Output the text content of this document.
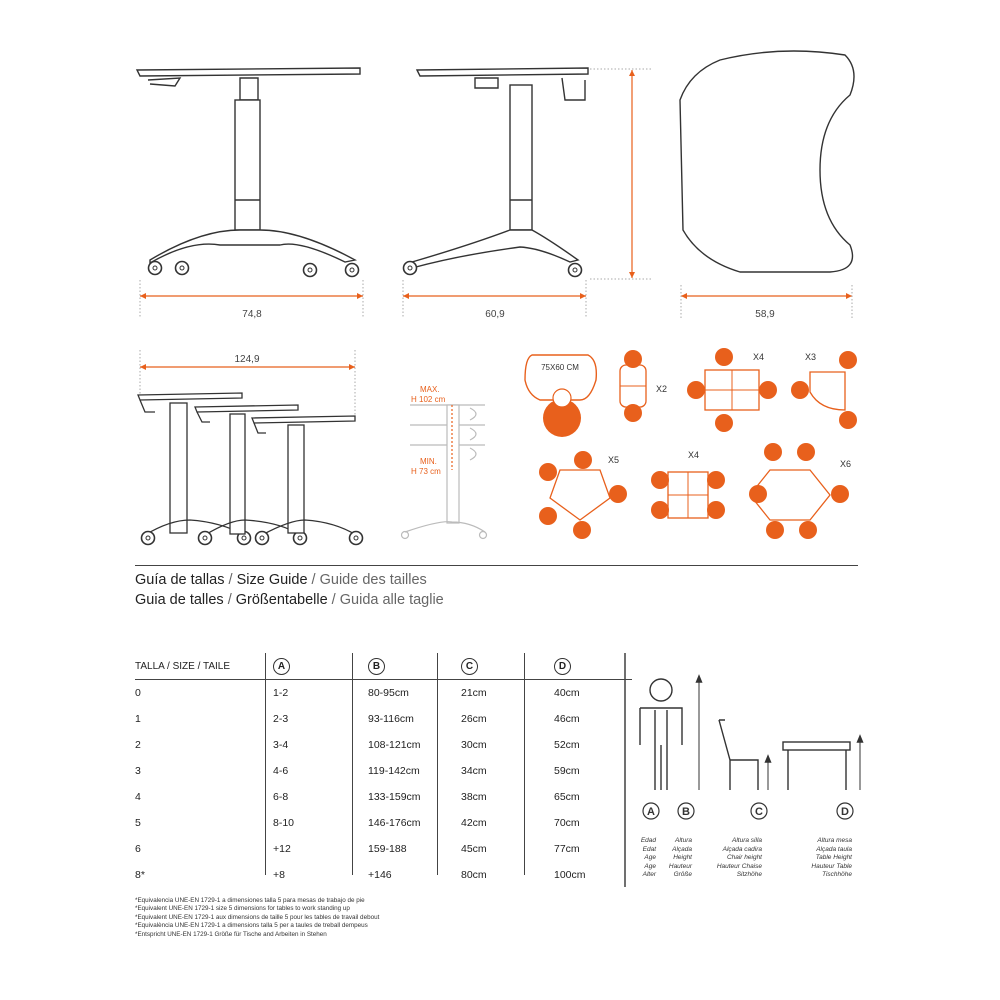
74,8	60,9	58,9
124,9
MAX.
H 102 cm
MIN.
H 73 cm
75X60 CM
X2
X4	X3
X5	X4
X6
A B	C	D
Guía de tallas / Size Guide / Guide des tailles
Guia de talles / Größentabelle / Guida alle taglie
TALLA / SIZE / TAILE	A	B	C	D
0	1-2	80-95cm	21cm	40cm
1	2-3	93-116cm	26cm	46cm
2	3-4	108-121cm	30cm	52cm
3	4-6	119-142cm	34cm	59cm
4	6-8	133-159cm	38cm	65cm
5	8-10	146-176cm	42cm	70cm
6	+12	159-188	45cm	77cm
8*	+8	+146	80cm	100cm
Edad
Edat
Age
Age
Alter
Altura
Alçada
Height
Hauteur
Größe
Altura silla
Alçada cadira
Chair height
Hauteur Chaise
Sitzhöhe
Altura mesa
Alçada taula
Table Height
Hauteur Table
Tischhöhe
*Equivalencia UNE-EN 1729-1 a dimensiones talla 5 para mesas de trabajo de pie
*Equivalent UNE-EN 1729-1 size 5 dimensions for tables to work standing up
*Equivalent UNE-EN 1729-1 aux dimensions de taille 5 pour les tables de travail debout
*Equivalència UNE-EN 1729-1 a dimensions talla 5 per a taules de treball dempeus
*Entspricht UNE-EN 1729-1 Größe für Tische and Arbeiten in Stehen
